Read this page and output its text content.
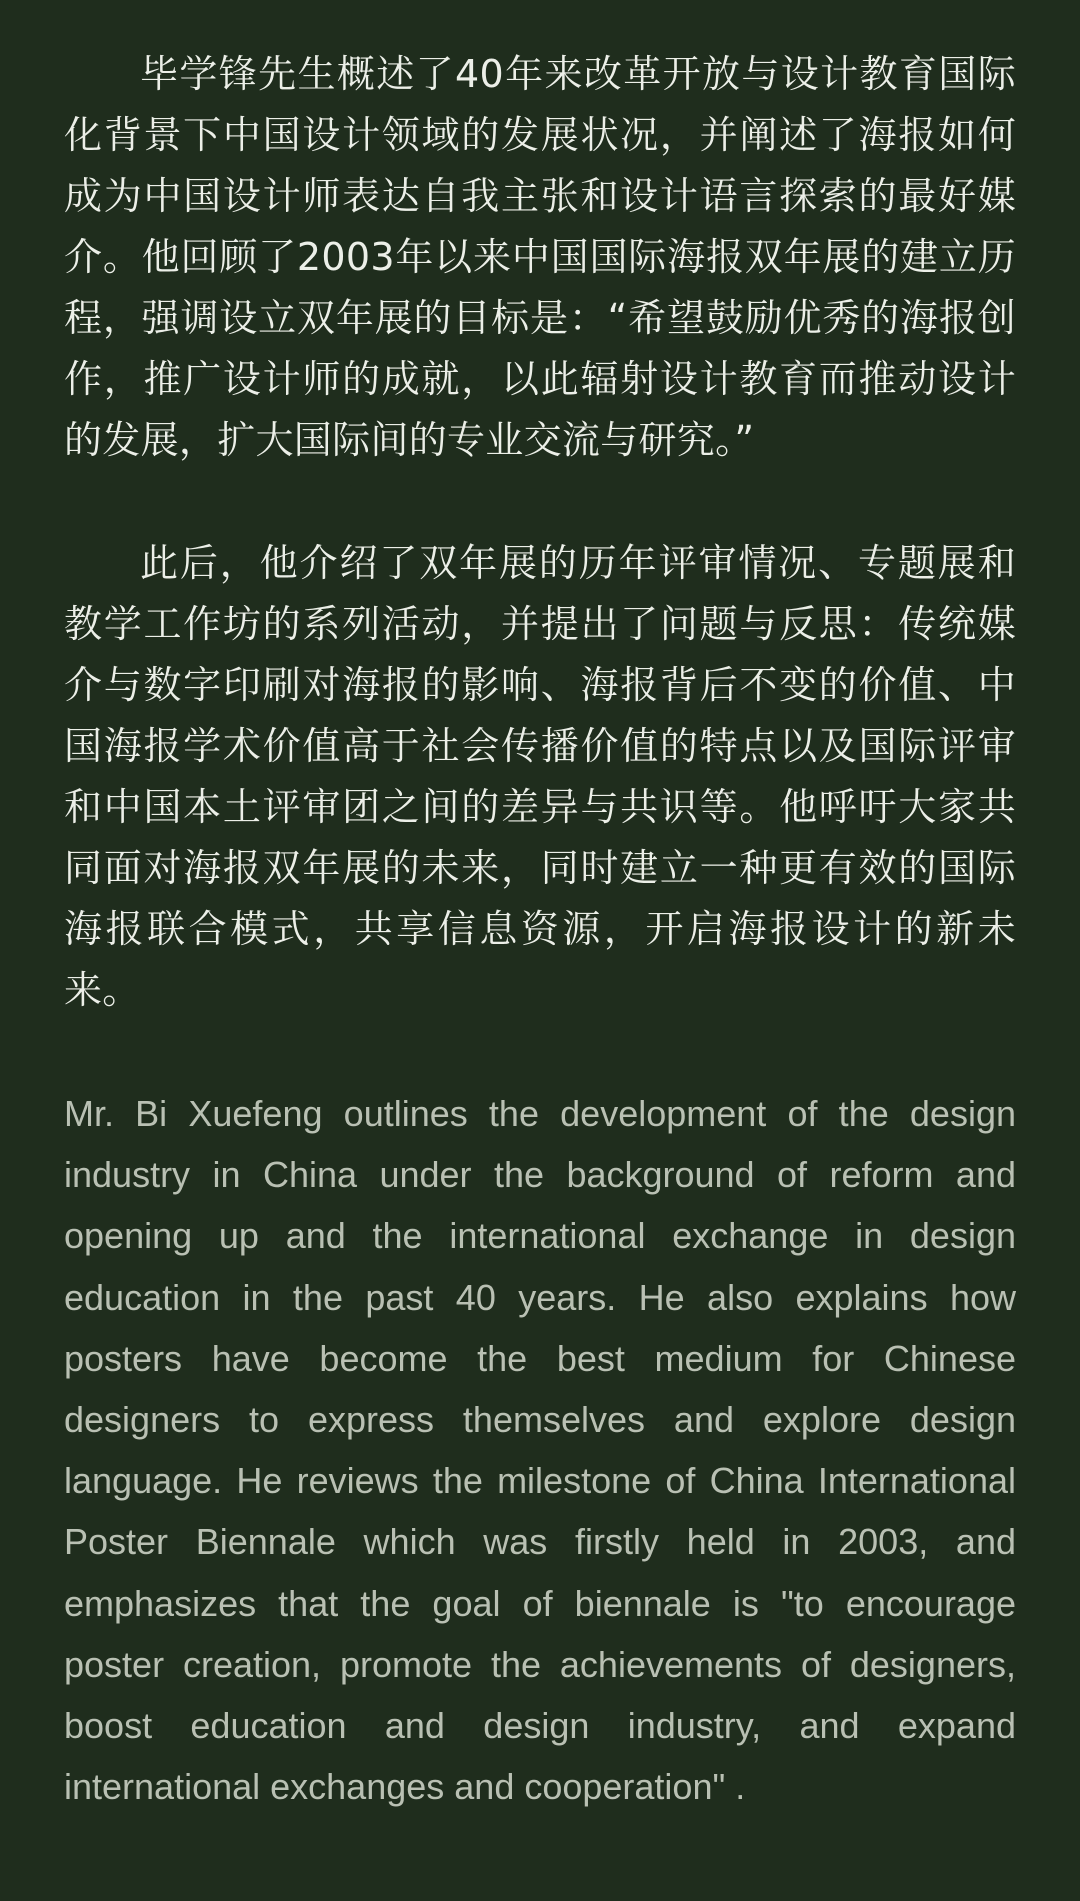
毕学锋先生概述了40年来改革开放与设计教育国际化背景下中国设计领域的发展状况，并阐述了海报如何成为中国设计师表达自我主张和设计语言探索的最好媒介。他回顾了2003年以来中国国际海报双年展的建立历程，强调设立双年展的目标是：“希望鼓励优秀的海报创作，推广设计师的成就，以此辐射设计教育而推动设计的发展，扩大国际间的专业交流与研究。”

此后，他介绍了双年展的历年评审情况、专题展和教学工作坊的系列活动，并提出了问题与反思：传统媒介与数字印刷对海报的影响、海报背后不变的价值、中国海报学术价值高于社会传播价值的特点以及国际评审和中国本土评审团之间的差异与共识等。他呼吁大家共同面对海报双年展的未来，同时建立一种更有效的国际海报联合模式，共享信息资源，开启海报设计的新未来。

Mr. Bi Xuefeng outlines the development of the design industry in China under the background of reform and opening up and the international exchange in design education in the past 40 years. He also explains how posters have become the best medium for Chinese designers to express themselves and explore design language. He reviews the milestone of China International Poster Biennale which was firstly held in 2003, and emphasizes that the goal of biennale is "to encourage poster creation, promote the achievements of designers, boost education and design industry, and expand international exchanges and cooperation" .
